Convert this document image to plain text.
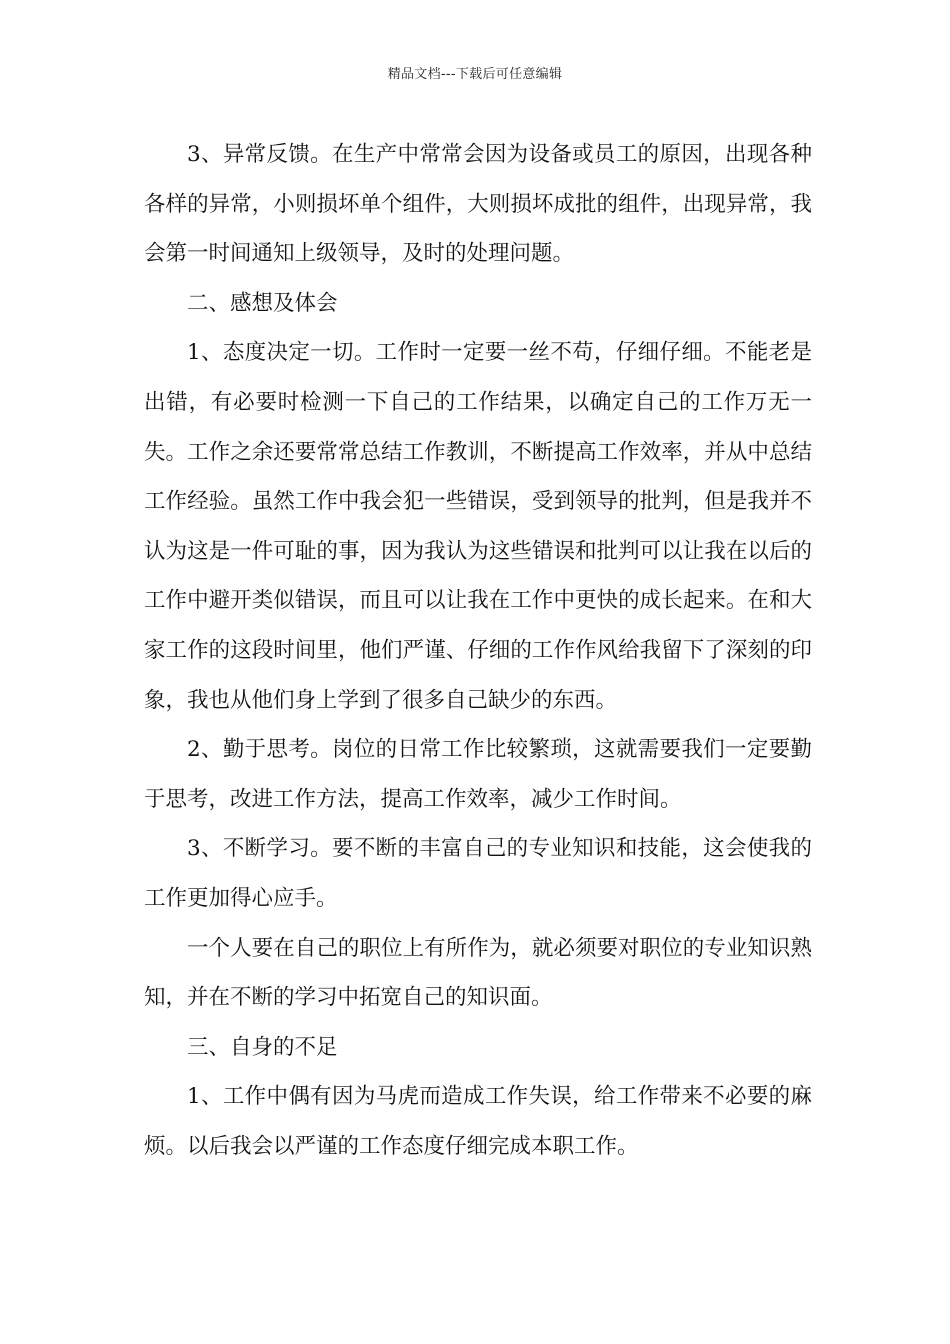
精品文档---下载后可任意编辑

3、异常反馈。在生产中常常会因为设备或员工的原因，出现各种各样的异常，小则损坏单个组件，大则损坏成批的组件，出现异常，我会第一时间通知上级领导，及时的处理问题。

二、感想及体会

1、态度决定一切。工作时一定要一丝不苟，仔细仔细。不能老是出错，有必要时检测一下自己的工作结果，以确定自己的工作万无一失。工作之余还要常常总结工作教训，不断提高工作效率，并从中总结工作经验。虽然工作中我会犯一些错误，受到领导的批判，但是我并不认为这是一件可耻的事，因为我认为这些错误和批判可以让我在以后的工作中避开类似错误，而且可以让我在工作中更快的成长起来。在和大家工作的这段时间里，他们严谨、仔细的工作作风给我留下了深刻的印象，我也从他们身上学到了很多自己缺少的东西。

2、勤于思考。岗位的日常工作比较繁琐，这就需要我们一定要勤于思考，改进工作方法，提高工作效率，减少工作时间。

3、不断学习。要不断的丰富自己的专业知识和技能，这会使我的工作更加得心应手。

一个人要在自己的职位上有所作为，就必须要对职位的专业知识熟知，并在不断的学习中拓宽自己的知识面。

三、自身的不足

1、工作中偶有因为马虎而造成工作失误，给工作带来不必要的麻烦。以后我会以严谨的工作态度仔细完成本职工作。
